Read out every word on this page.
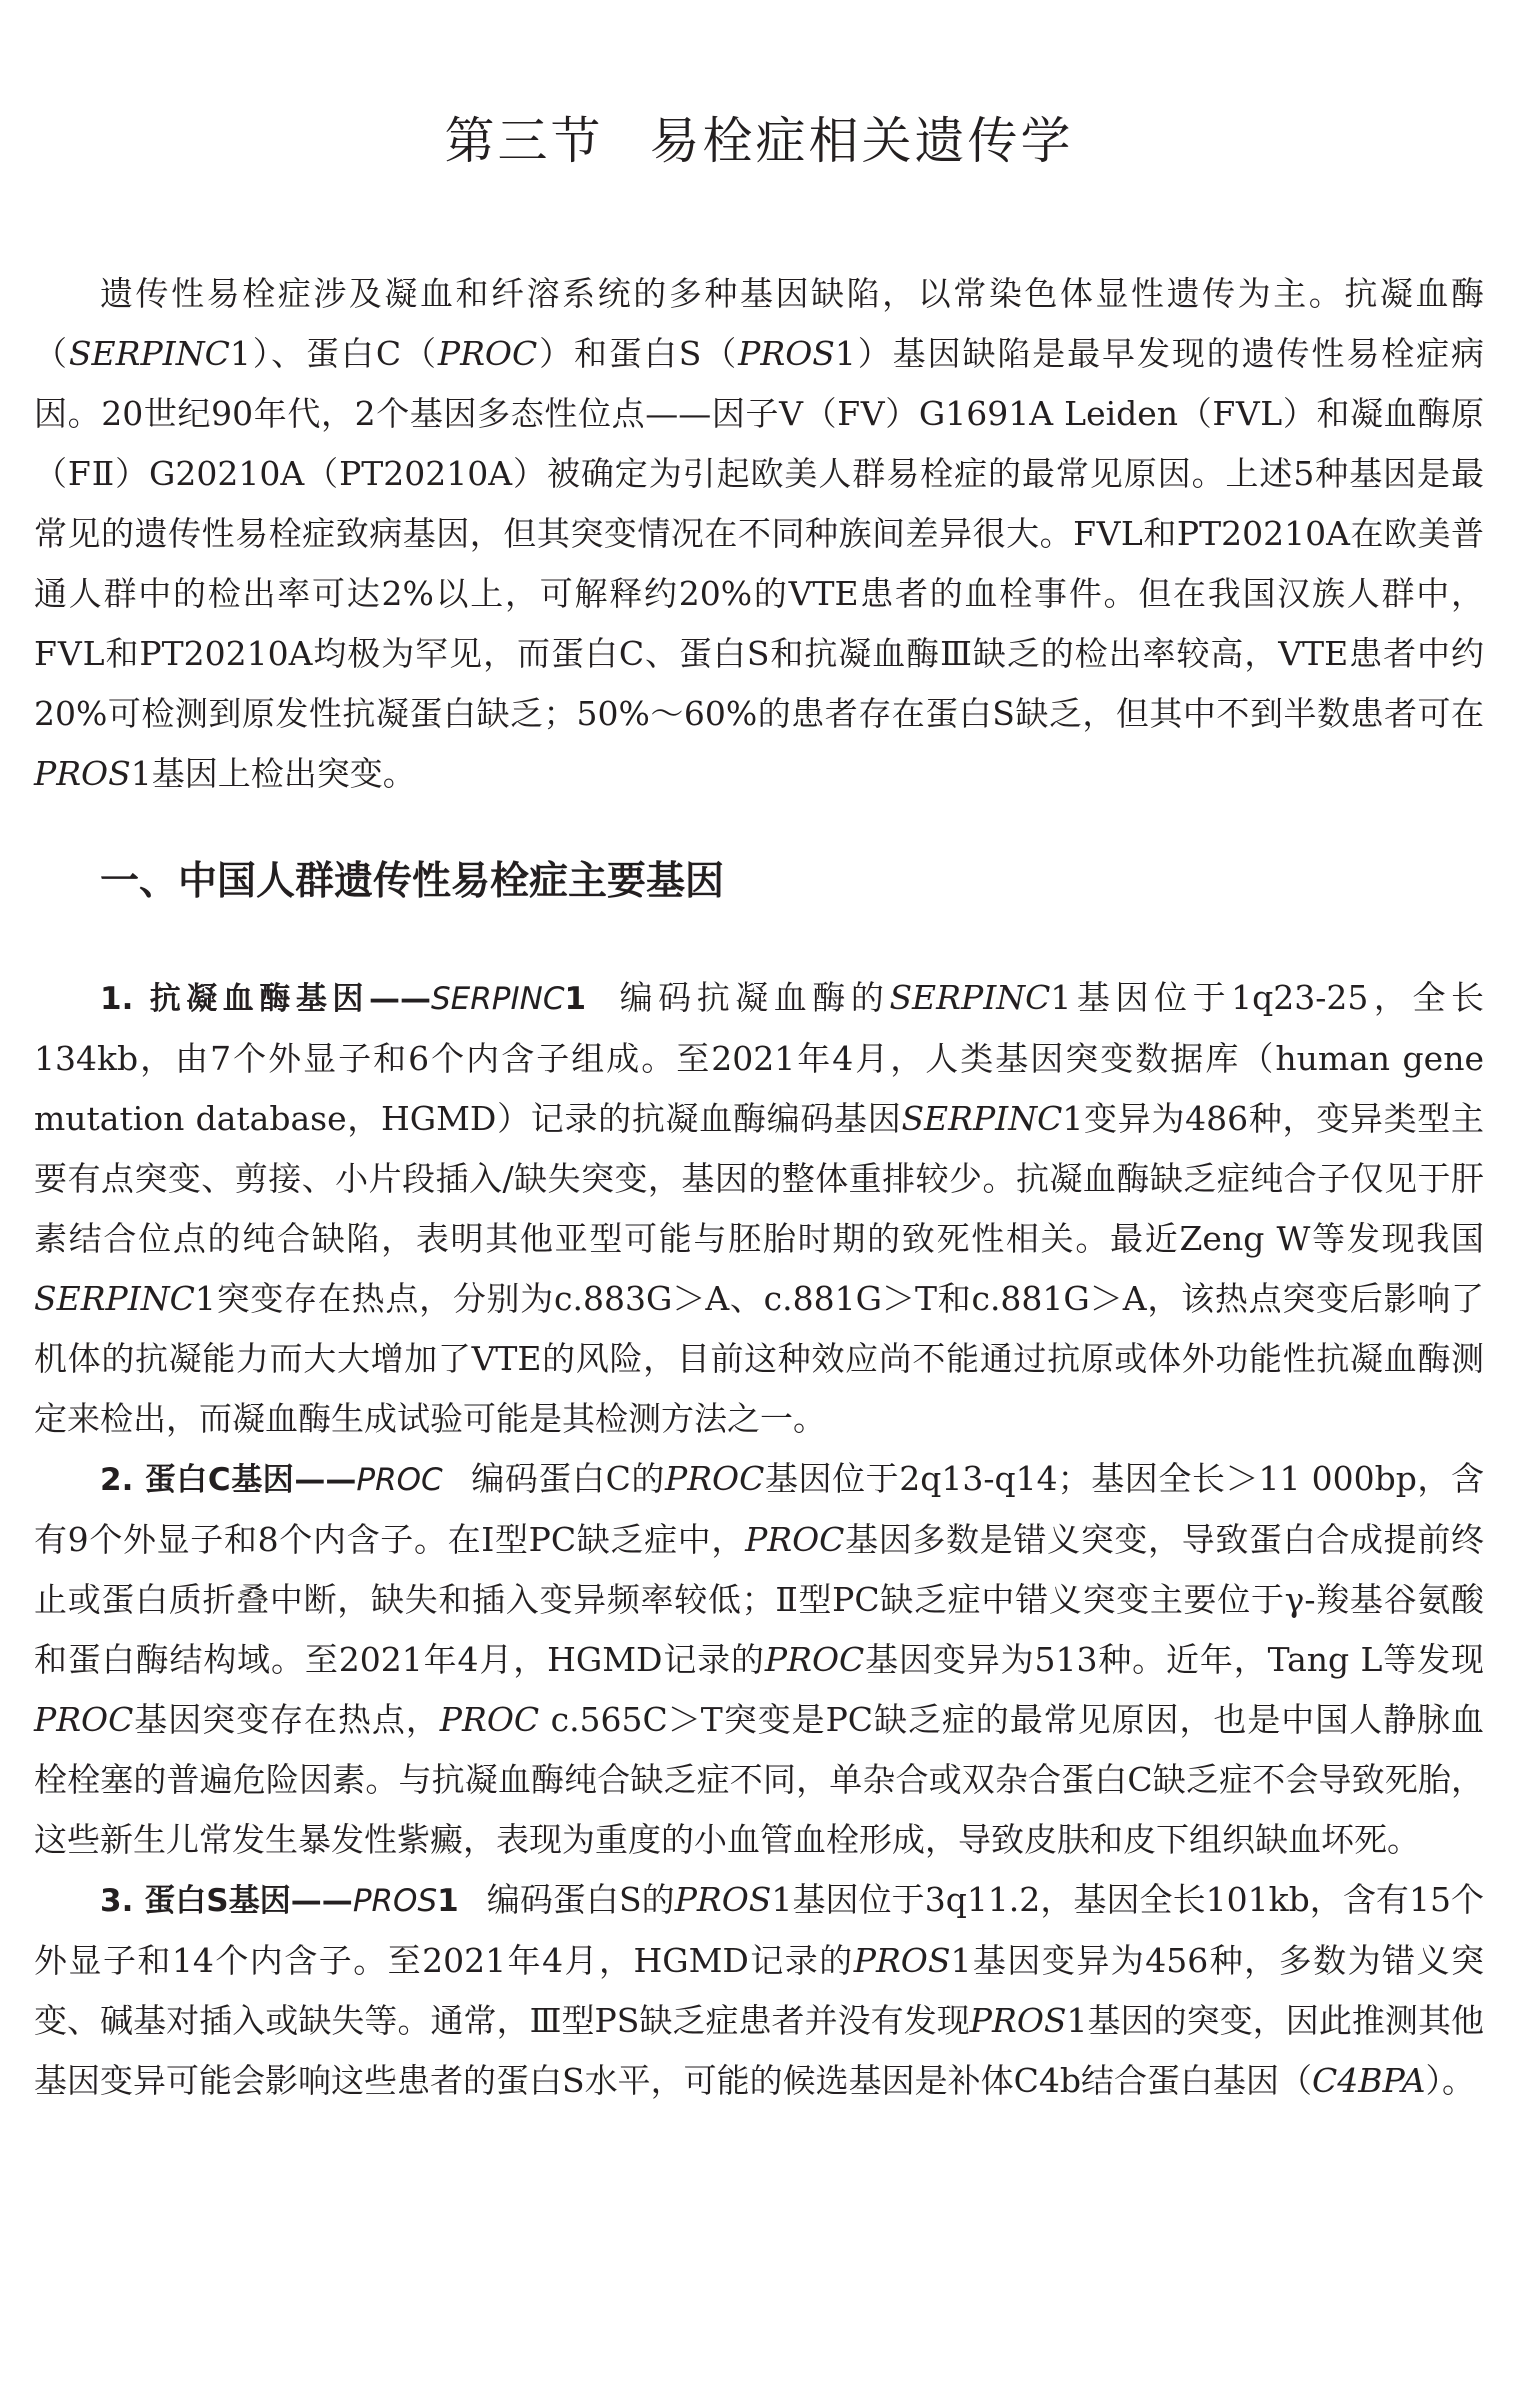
第三节 易栓症相关遗传学

遗传性易栓症涉及凝血和纤溶系统的多种基因缺陷，以常染色体显性遗传为主。抗凝血酶（SERPINC1）、蛋白C（PROC）和蛋白S（PROS1）基因缺陷是最早发现的遗传性易栓症病因。20世纪90年代，2个基因多态性位点——因子Ⅴ（FⅤ）G1691A Leiden（FⅤL）和凝血酶原（FⅡ）G20210A（PT20210A）被确定为引起欧美人群易栓症的最常见原因。上述5种基因是最常见的遗传性易栓症致病基因，但其突变情况在不同种族间差异很大。FⅤL和PT20210A在欧美普通人群中的检出率可达2%以上，可解释约20%的VTE患者的血栓事件。但在我国汉族人群中，FⅤL和PT20210A均极为罕见，而蛋白C、蛋白S和抗凝血酶Ⅲ缺乏的检出率较高，VTE患者中约20%可检测到原发性抗凝蛋白缺乏；50%～60%的患者存在蛋白S缺乏，但其中不到半数患者可在PROS1基因上检出突变。

一、中国人群遗传性易栓症主要基因

1. 抗凝血酶基因——SERPINC1 编码抗凝血酶的SERPINC1基因位于1q23-25，全长134kb，由7个外显子和6个内含子组成。至2021年4月，人类基因突变数据库（human gene mutation database，HGMD）记录的抗凝血酶编码基因SERPINC1变异为486种，变异类型主要有点突变、剪接、小片段插入/缺失突变，基因的整体重排较少。抗凝血酶缺乏症纯合子仅见于肝素结合位点的纯合缺陷，表明其他亚型可能与胚胎时期的致死性相关。最近Zeng W等发现我国SERPINC1突变存在热点，分别为c.883G＞A、c.881G＞T和c.881G＞A，该热点突变后影响了机体的抗凝能力而大大增加了VTE的风险，目前这种效应尚不能通过抗原或体外功能性抗凝血酶测定来检出，而凝血酶生成试验可能是其检测方法之一。

2. 蛋白C基因——PROC 编码蛋白C的PROC基因位于2q13-q14；基因全长＞11 000bp，含有9个外显子和8个内含子。在Ⅰ型PC缺乏症中，PROC基因多数是错义突变，导致蛋白合成提前终止或蛋白质折叠中断，缺失和插入变异频率较低；Ⅱ型PC缺乏症中错义突变主要位于γ-羧基谷氨酸和蛋白酶结构域。至2021年4月，HGMD记录的PROC基因变异为513种。近年，Tang L等发现PROC基因突变存在热点，PROC c.565C＞T突变是PC缺乏症的最常见原因，也是中国人静脉血栓栓塞的普遍危险因素。与抗凝血酶纯合缺乏症不同，单杂合或双杂合蛋白C缺乏症不会导致死胎，这些新生儿常发生暴发性紫癜，表现为重度的小血管血栓形成，导致皮肤和皮下组织缺血坏死。

3. 蛋白S基因——PROS1 编码蛋白S的PROS1基因位于3q11.2，基因全长101kb，含有15个外显子和14个内含子。至2021年4月，HGMD记录的PROS1基因变异为456种，多数为错义突变、碱基对插入或缺失等。通常，Ⅲ型PS缺乏症患者并没有发现PROS1基因的突变，因此推测其他基因变异可能会影响这些患者的蛋白S水平，可能的候选基因是补体C4b结合蛋白基因（C4BPA）。
